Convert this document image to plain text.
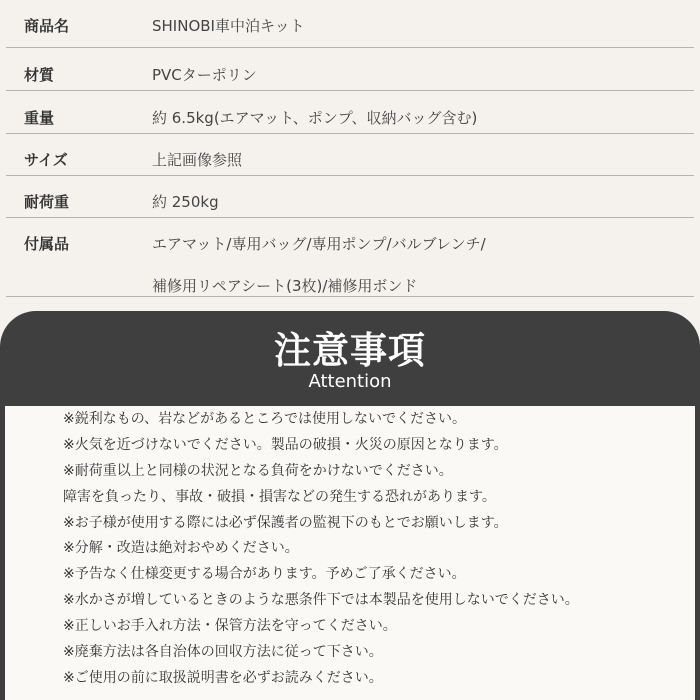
商品名	SHINOBI車中泊キット
材質	PVCターポリン
重量	約 6.5kg(エアマット、ポンプ、収納バッグ含む)
サイズ	上記画像参照
耐荷重	約 250kg
付属品	エアマット/専用バッグ/専用ポンプ/バルブレンチ/
補修用リペアシート(3枚)/補修用ボンド
注意事項
Attention
※鋭利なもの、岩などがあるところでは使用しないでください。
※火気を近づけないでください。製品の破損・火災の原因となります。
※耐荷重以上と同様の状況となる負荷をかけないでください。
障害を負ったり、事故・破損・損害などの発生する恐れがあります。
※お子様が使用する際には必ず保護者の監視下のもとでお願いします。
※分解・改造は絶対おやめください。
※予告なく仕様変更する場合があります。予めご了承ください。
※水かさが増しているときのような悪条件下では本製品を使用しないでください。
※正しいお手入れ方法・保管方法を守ってください。
※廃棄方法は各自治体の回収方法に従って下さい。
※ご使用の前に取扱説明書を必ずお読みください。
